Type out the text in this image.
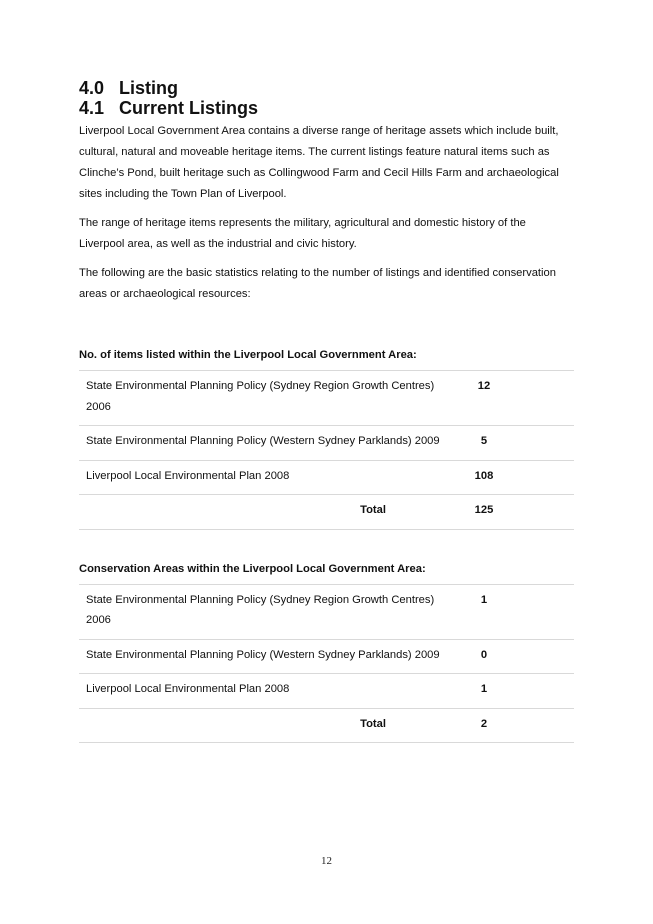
4.0 Listing
4.1 Current Listings

Liverpool Local Government Area contains a diverse range of heritage assets which include built, cultural, natural and moveable heritage items. The current listings feature natural items such as Clinche’s Pond, built heritage such as Collingwood Farm and Cecil Hills Farm and archaeological sites including the Town Plan of Liverpool.

The range of heritage items represents the military, agricultural and domestic history of the Liverpool area, as well as the industrial and civic history.

The following are the basic statistics relating to the number of listings and identified conservation areas or archaeological resources:

No. of items listed within the Liverpool Local Government Area:
State Environmental Planning Policy (Sydney Region Growth Centres) 2006	12

State Environmental Planning Policy (Western Sydney Parklands) 2009	5

Liverpool Local Environmental Plan 2008	108
Total	125
Conservation Areas within the Liverpool Local Government Area:
State Environmental Planning Policy (Sydney Region Growth Centres) 2006	1

State Environmental Planning Policy (Western Sydney Parklands) 2009	0

Liverpool Local Environmental Plan 2008	1
Total	2
12
